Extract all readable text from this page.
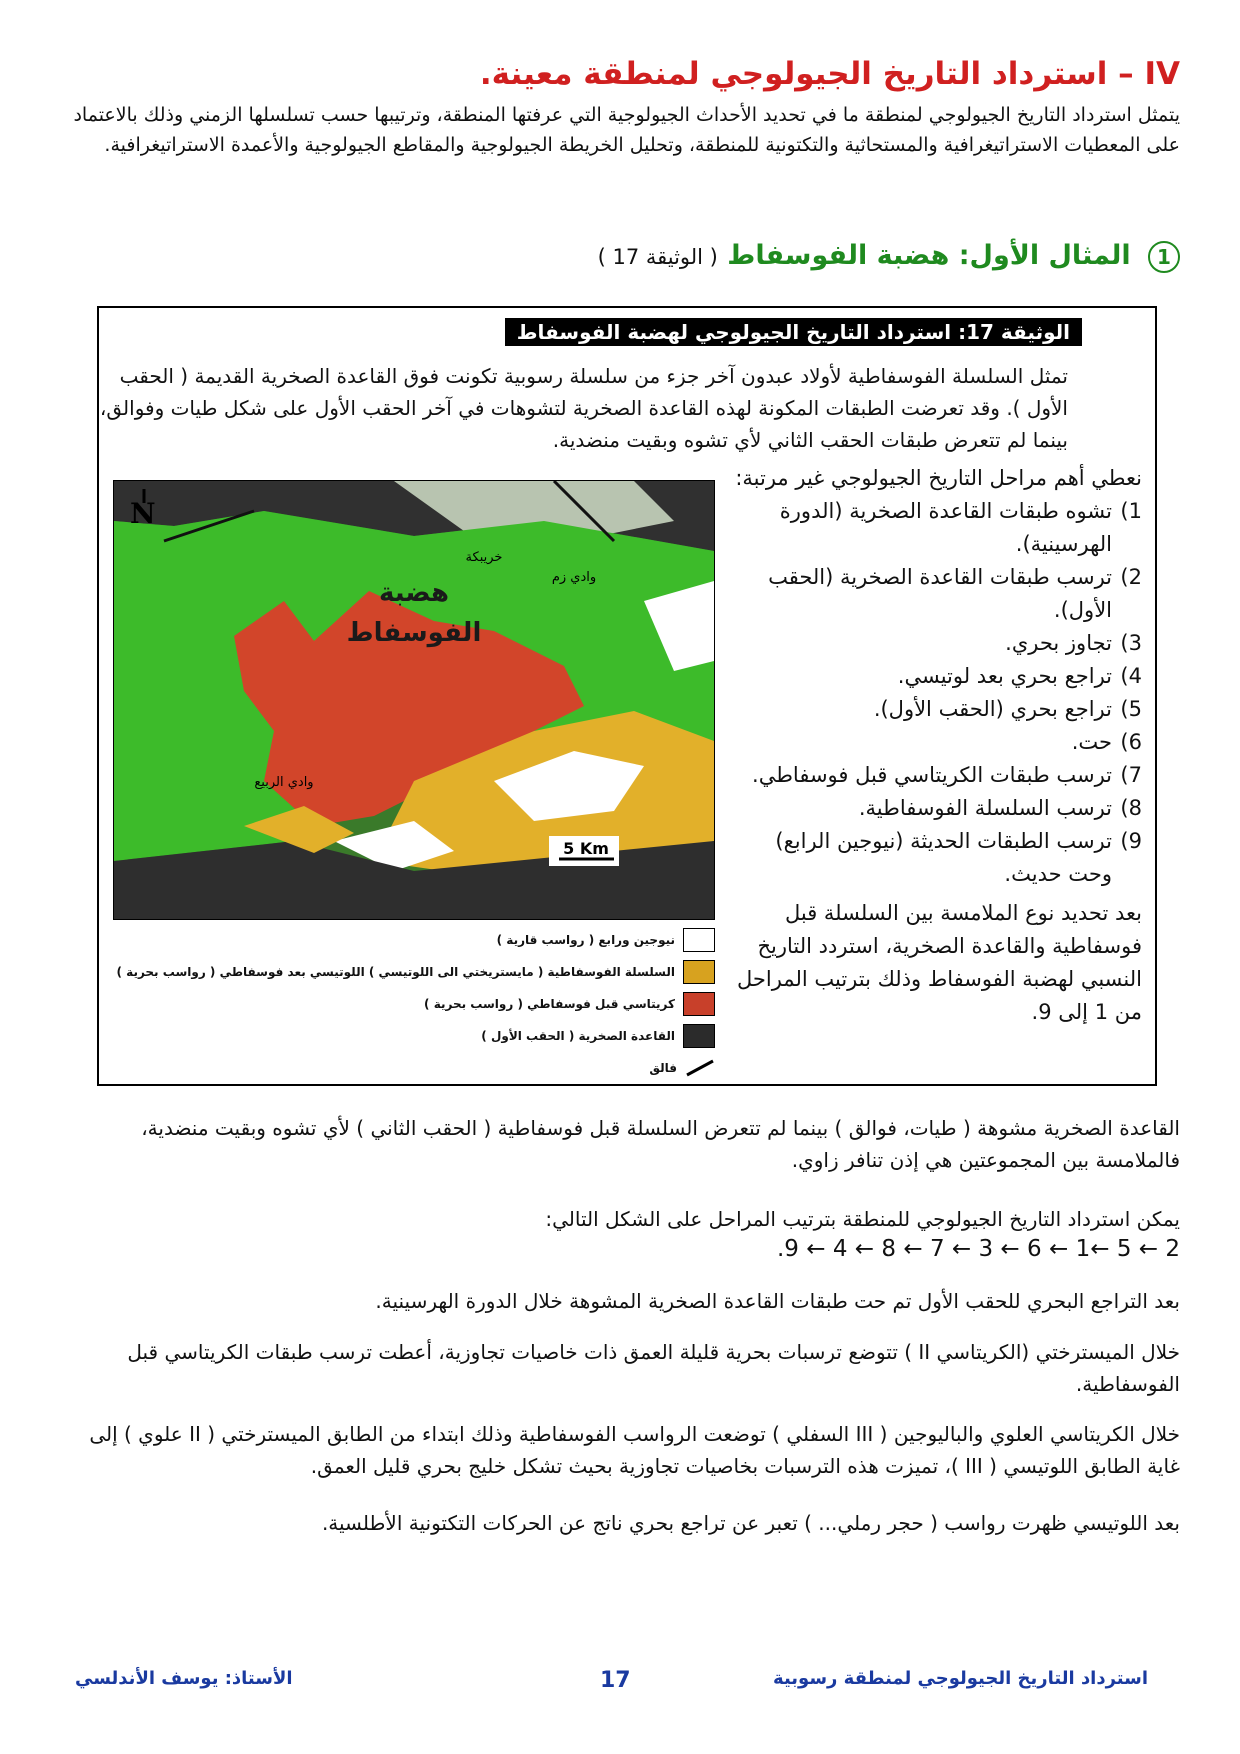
IV – استرداد التاريخ الجيولوجي لمنطقة معينة.
يتمثل استرداد التاريخ الجيولوجي لمنطقة ما في تحديد الأحداث الجيولوجية التي عرفتها المنطقة، وترتيبها حسب تسلسلها الزمني وذلك بالاعتماد على المعطيات الاستراتيغرافية والمستحاثية والتكتونية للمنطقة، وتحليل الخريطة الجيولوجية والمقاطع الجيولوجية والأعمدة الاستراتيغرافية.
1 المثال الأول: هضبة الفوسفاط ( الوثيقة 17 )
الوثيقة 17: استرداد التاريخ الجيولوجي لهضبة الفوسفاط
تمثل السلسلة الفوسفاطية لأولاد عبدون آخر جزء من سلسلة رسوبية تكونت فوق القاعدة الصخرية القديمة ( الحقب الأول ). وقد تعرضت الطبقات المكونة لهذه القاعدة الصخرية لتشوهات في آخر الحقب الأول على شكل طيات وفوالق، بينما لم تتعرض طبقات الحقب الثاني لأي تشوه وبقيت منضدية.
N
هضبة
الفوسفاط
خريبكة
وادي زم
وادي الربيع
5 Km
نيوجين ورابع ( رواسب قارية )
السلسلة الفوسفاطية ( مايستريختي الى اللوتيسي ) اللوتيسي بعد فوسفاطي ( رواسب بحرية )
كريتاسي قبل فوسفاطي ( رواسب بحرية )
القاعدة الصخرية ( الحقب الأول )
فالق
نعطي أهم مراحل التاريخ الجيولوجي غير مرتبة:
1)
تشوه طبقات القاعدة الصخرية (الدورة الهرسينية).
2)
ترسب طبقات القاعدة الصخرية (الحقب الأول).
3)
تجاوز بحري.
4)
تراجع بحري بعد لوتيسي.
5)
تراجع بحري (الحقب الأول).
6)
حت.
7)
ترسب طبقات الكريتاسي قبل فوسفاطي.
8)
ترسب السلسلة الفوسفاطية.
9)
ترسب الطبقات الحديثة (نيوجين الرابع) وحت حديث.
بعد تحديد نوع الملامسة بين السلسلة قبل فوسفاطية والقاعدة الصخرية، استردد التاريخ النسبي لهضبة الفوسفاط وذلك بترتيب المراحل من 1 إلى 9.
القاعدة الصخرية مشوهة ( طيات، فوالق ) بينما لم تتعرض السلسلة قبل فوسفاطية ( الحقب الثاني ) لأي تشوه وبقيت منضدية، فالملامسة بين المجموعتين هي إذن تنافر زاوي.
يمكن استرداد التاريخ الجيولوجي للمنطقة بترتيب المراحل على الشكل التالي:
2 ← 5 ←1 ← 6 ← 3 ← 7 ← 8 ← 4 ← 9.
بعد التراجع البحري للحقب الأول تم حت طبقات القاعدة الصخرية المشوهة خلال الدورة الهرسينية.
خلال الميسترختي (الكريتاسي II ) تتوضع ترسبات بحرية قليلة العمق ذات خاصيات تجاوزية، أعطت ترسب طبقات الكريتاسي قبل الفوسفاطية.
خلال الكريتاسي العلوي والباليوجين ( III السفلي ) توضعت الرواسب الفوسفاطية وذلك ابتداء من الطابق الميسترختي ( II علوي ) إلى غاية الطابق اللوتيسي ( III )، تميزت هذه الترسبات بخاصيات تجاوزية بحيث تشكل خليج بحري قليل العمق.
بعد اللوتيسي ظهرت رواسب ( حجر رملي... ) تعبر عن تراجع بحري ناتج عن الحركات التكتونية الأطلسية.
استرداد التاريخ الجيولوجي لمنطقة رسوبية
17
الأستاذ: يوسف الأندلسي
